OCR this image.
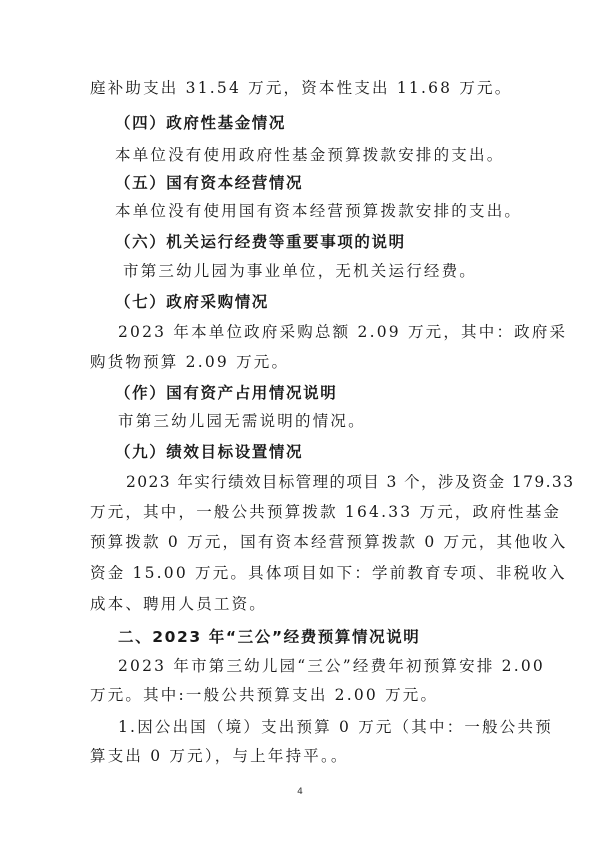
庭补助支出 31.54 万元，资本性支出 11.68 万元。
（四）政府性基金情况
本单位没有使用政府性基金预算拨款安排的支出。
（五）国有资本经营情况
本单位没有使用国有资本经营预算拨款安排的支出。
（六）机关运行经费等重要事项的说明
市第三幼儿园为事业单位，无机关运行经费。
（七）政府采购情况
2023 年本单位政府采购总额 2.09 万元，其中：政府采
购货物预算 2.09 万元。
（作）国有资产占用情况说明
市第三幼儿园无需说明的情况。
（九）绩效目标设置情况
2023 年实行绩效目标管理的项目 3 个，涉及资金 179.33
万元，其中，一般公共预算拨款 164.33 万元，政府性基金
预算拨款 0 万元，国有资本经营预算拨款 0 万元，其他收入
资金 15.00 万元。具体项目如下：学前教育专项、非税收入
成本、聘用人员工资。
二、2023 年“三公”经费预算情况说明
2023 年市第三幼儿园“三公”经费年初预算安排 2.00
万元。其中:一般公共预算支出 2.00 万元。
1.因公出国（境）支出预算 0 万元（其中：一般公共预
算支出 0 万元），与上年持平。。
4
